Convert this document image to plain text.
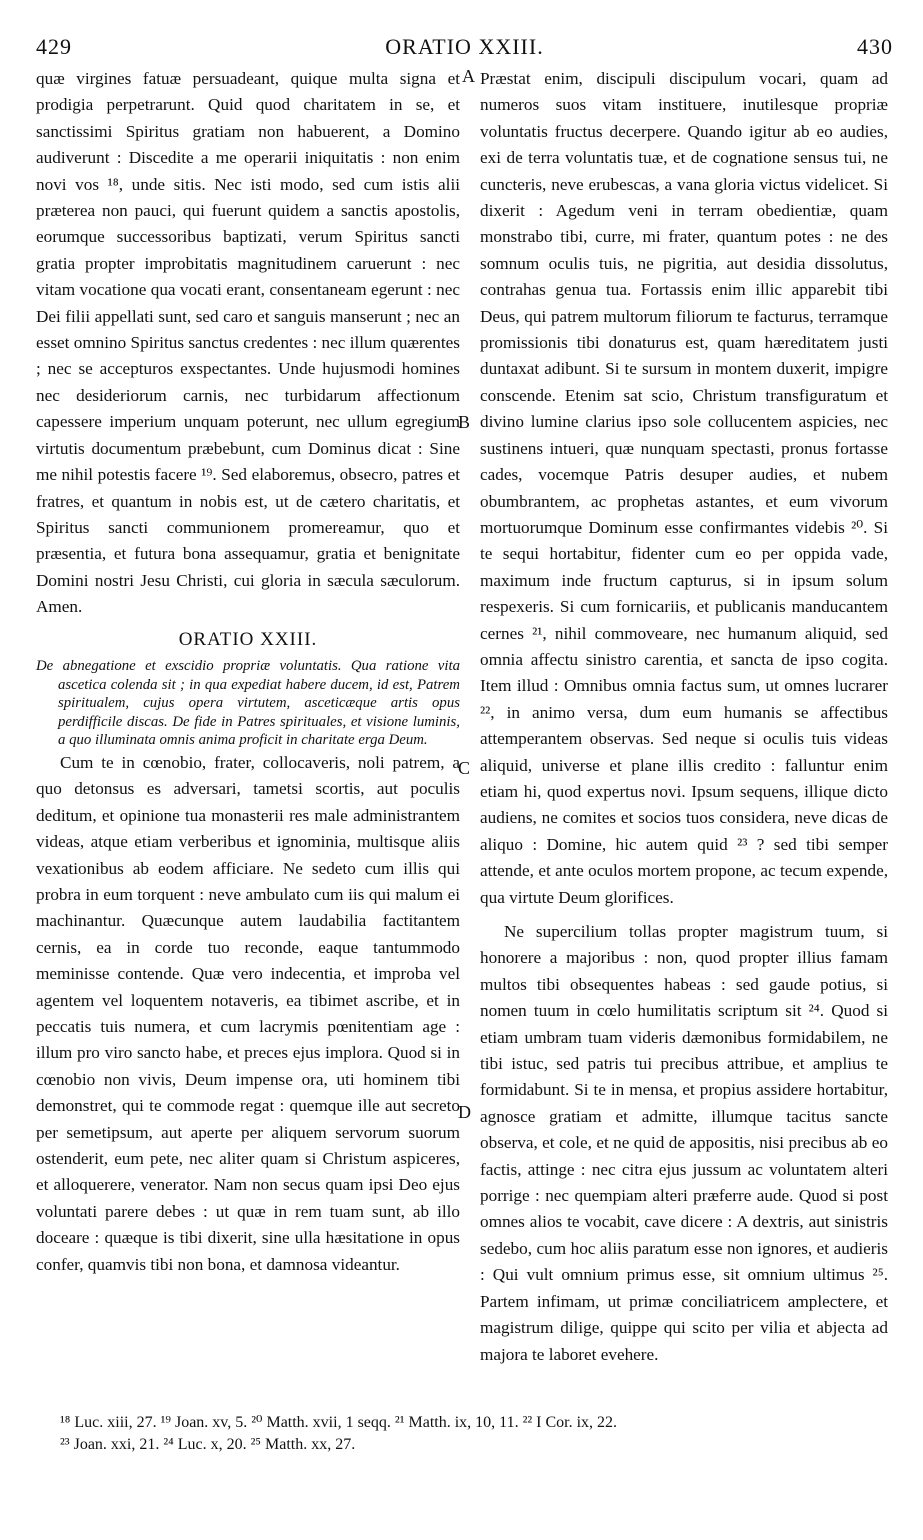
429	ORATIO XXIII.	430

quæ virgines fatuæ persuadeant, quique multa signa et prodigia perpetrarunt. Quid quod charitatem in se, et sanctissimi Spiritus gratiam non habuerent, a Domino audiverunt : Discedite a me operarii iniquitatis : non enim novi vos ¹⁸, unde sitis. Nec isti modo, sed cum istis alii præterea non pauci, qui fuerunt quidem a sanctis apostolis, eorumque successoribus baptizati, verum Spiritus sancti gratia propter improbitatis magnitudinem caruerunt : nec vitam vocatione qua vocati erant, consentaneam egerunt : nec Dei filii appellati sunt, sed caro et sanguis manserunt ; nec an esset omnino Spiritus sanctus credentes : nec illum quærentes ; nec se accepturos exspectantes. Unde hujusmodi homines nec desideriorum carnis, nec turbidarum affectionum capessere imperium unquam poterunt, nec ullum egregium virtutis documentum præbebunt, cum Dominus dicat : Sine me nihil potestis facere ¹⁹. Sed elaboremus, obsecro, patres et fratres, et quantum in nobis est, ut de cætero charitatis, et Spiritus sancti communionem promereamur, quo et præsentia, et futura bona assequamur, gratia et benignitate Domini nostri Jesu Christi, cui gloria in sæcula sæculorum. Amen.

ORATIO XXIII.

De abnegatione et exscidio propriæ voluntatis. Qua ratione vita ascetica colenda sit ; in qua expediat habere ducem, id est, Patrem spiritualem, cujus opera virtutem, asceticæque artis opus perdifficile discas. De fide in Patres spirituales, et visione luminis, a quo illuminata omnis anima proficit in charitate erga Deum.

Cum te in cœnobio, frater, collocaveris, noli patrem, a quo detonsus es adversari, tametsi scortis, aut poculis deditum, et opinione tua monasterii res male administrantem videas, atque etiam verberibus et ignominia, multisque aliis vexationibus ab eodem afficiare. Ne sedeto cum illis qui probra in eum torquent : neve ambulato cum iis qui malum ei machinantur. Quæcunque autem laudabilia factitantem cernis, ea in corde tuo reconde, eaque tantummodo meminisse contende. Quæ vero indecentia, et improba vel agentem vel loquentem notaveris, ea tibimet ascribe, et in peccatis tuis numera, et cum lacrymis pœnitentiam age : illum pro viro sancto habe, et preces ejus implora. Quod si in cœnobio non vivis, Deum impense ora, uti hominem tibi demonstret, qui te commode regat : quemque ille aut secreto per semetipsum, aut aperte per aliquem servorum suorum ostenderit, eum pete, nec aliter quam si Christum aspiceres, et alloquerere, venerator. Nam non secus quam ipsi Deo ejus voluntati parere debes : ut quæ in rem tuam sunt, ab illo doceare : quæque is tibi dixerit, sine ulla hæsitatione in opus confer, quamvis tibi non bona, et damnosa videantur.

A
B
C
D

Præstat enim, discipuli discipulum vocari, quam ad numeros suos vitam instituere, inutilesque propriæ voluntatis fructus decerpere. Quando igitur ab eo audies, exi de terra voluntatis tuæ, et de cognatione sensus tui, ne cuncteris, neve erubescas, a vana gloria victus videlicet. Si dixerit : Agedum veni in terram obedientiæ, quam monstrabo tibi, curre, mi frater, quantum potes : ne des somnum oculis tuis, ne pigritia, aut desidia dissolutus, contrahas genua tua. Fortassis enim illic apparebit tibi Deus, qui patrem multorum filiorum te facturus, terramque promissionis tibi donaturus est, quam hæreditatem justi duntaxat adibunt. Si te sursum in montem duxerit, impigre conscende. Etenim sat scio, Christum transfiguratum et divino lumine clarius ipso sole collucentem aspicies, nec sustinens intueri, quæ nunquam spectasti, pronus fortasse cades, vocemque Patris desuper audies, et nubem obumbrantem, ac prophetas astantes, et eum vivorum mortuorumque Dominum esse confirmantes videbis ²⁰. Si te sequi hortabitur, fidenter cum eo per oppida vade, maximum inde fructum capturus, si in ipsum solum respexeris. Si cum fornicariis, et publicanis manducantem cernes ²¹, nihil commoveare, nec humanum aliquid, sed omnia affectu sinistro carentia, et sancta de ipso cogita. Item illud : Omnibus omnia factus sum, ut omnes lucrarer ²², in animo versa, dum eum humanis se affectibus attemperantem observas. Sed neque si oculis tuis videas aliquid, universe et plane illis credito : falluntur enim etiam hi, quod expertus novi. Ipsum sequens, illique dicto audiens, ne comites et socios tuos considera, neve dicas de aliquo : Domine, hic autem quid ²³ ? sed tibi semper attende, et ante oculos mortem propone, ac tecum expende, qua virtute Deum glorifices.

Ne supercilium tollas propter magistrum tuum, si honorere a majoribus : non, quod propter illius famam multos tibi obsequentes habeas : sed gaude potius, si nomen tuum in cœlo humilitatis scriptum sit ²⁴. Quod si etiam umbram tuam videris dæmonibus formidabilem, ne tibi istuc, sed patris tui precibus attribue, et amplius te formidabunt. Si te in mensa, et propius assidere hortabitur, agnosce gratiam et admitte, illumque tacitus sancte observa, et cole, et ne quid de appositis, nisi precibus ab eo factis, attinge : nec citra ejus jussum ac voluntatem alteri porrige : nec quempiam alteri præferre aude. Quod si post omnes alios te vocabit, cave dicere : A dextris, aut sinistris sedebo, cum hoc aliis paratum esse non ignores, et audieris : Qui vult omnium primus esse, sit omnium ultimus ²⁵. Partem infimam, ut primæ conciliatricem amplectere, et magistrum dilige, quippe qui scito per vilia et abjecta ad majora te laboret evehere.

¹⁸ Luc. xiii, 27. ¹⁹ Joan. xv, 5. ²⁰ Matth. xvii, 1 seqq. ²¹ Matth. ix, 10, 11. ²² I Cor. ix, 22.
²³ Joan. xxi, 21. ²⁴ Luc. x, 20. ²⁵ Matth. xx, 27.
